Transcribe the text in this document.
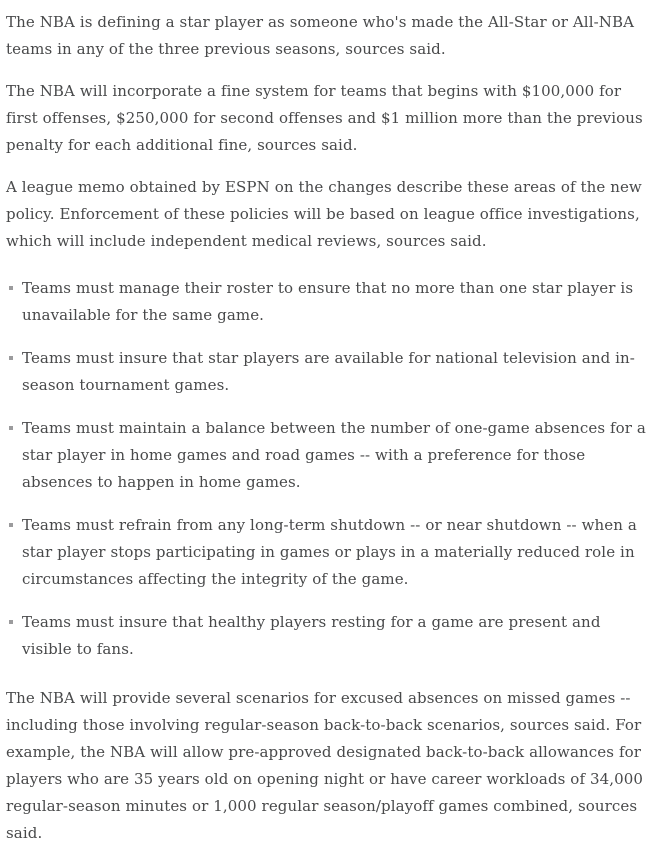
The NBA is defining a star player as someone who's made the All-Star or All-NBA teams in any of the three previous seasons, sources said.

The NBA will incorporate a fine system for teams that begins with $100,000 for first offenses, $250,000 for second offenses and $1 million more than the previous penalty for each additional fine, sources said.

A league memo obtained by ESPN on the changes describe these areas of the new policy. Enforcement of these policies will be based on league office investigations, which will include independent medical reviews, sources said.

Teams must manage their roster to ensure that no more than one star player is unavailable for the same game.
Teams must insure that star players are available for national television and in-season tournament games.
Teams must maintain a balance between the number of one-game absences for a star player in home games and road games -- with a preference for those absences to happen in home games.
Teams must refrain from any long-term shutdown -- or near shutdown -- when a star player stops participating in games or plays in a materially reduced role in circumstances affecting the integrity of the game.
Teams must insure that healthy players resting for a game are present and visible to fans.

The NBA will provide several scenarios for excused absences on missed games -- including those involving regular-season back-to-back scenarios, sources said. For example, the NBA will allow pre-approved designated back-to-back allowances for players who are 35 years old on opening night or have career workloads of 34,000 regular-season minutes or 1,000 regular season/playoff games combined, sources said.
